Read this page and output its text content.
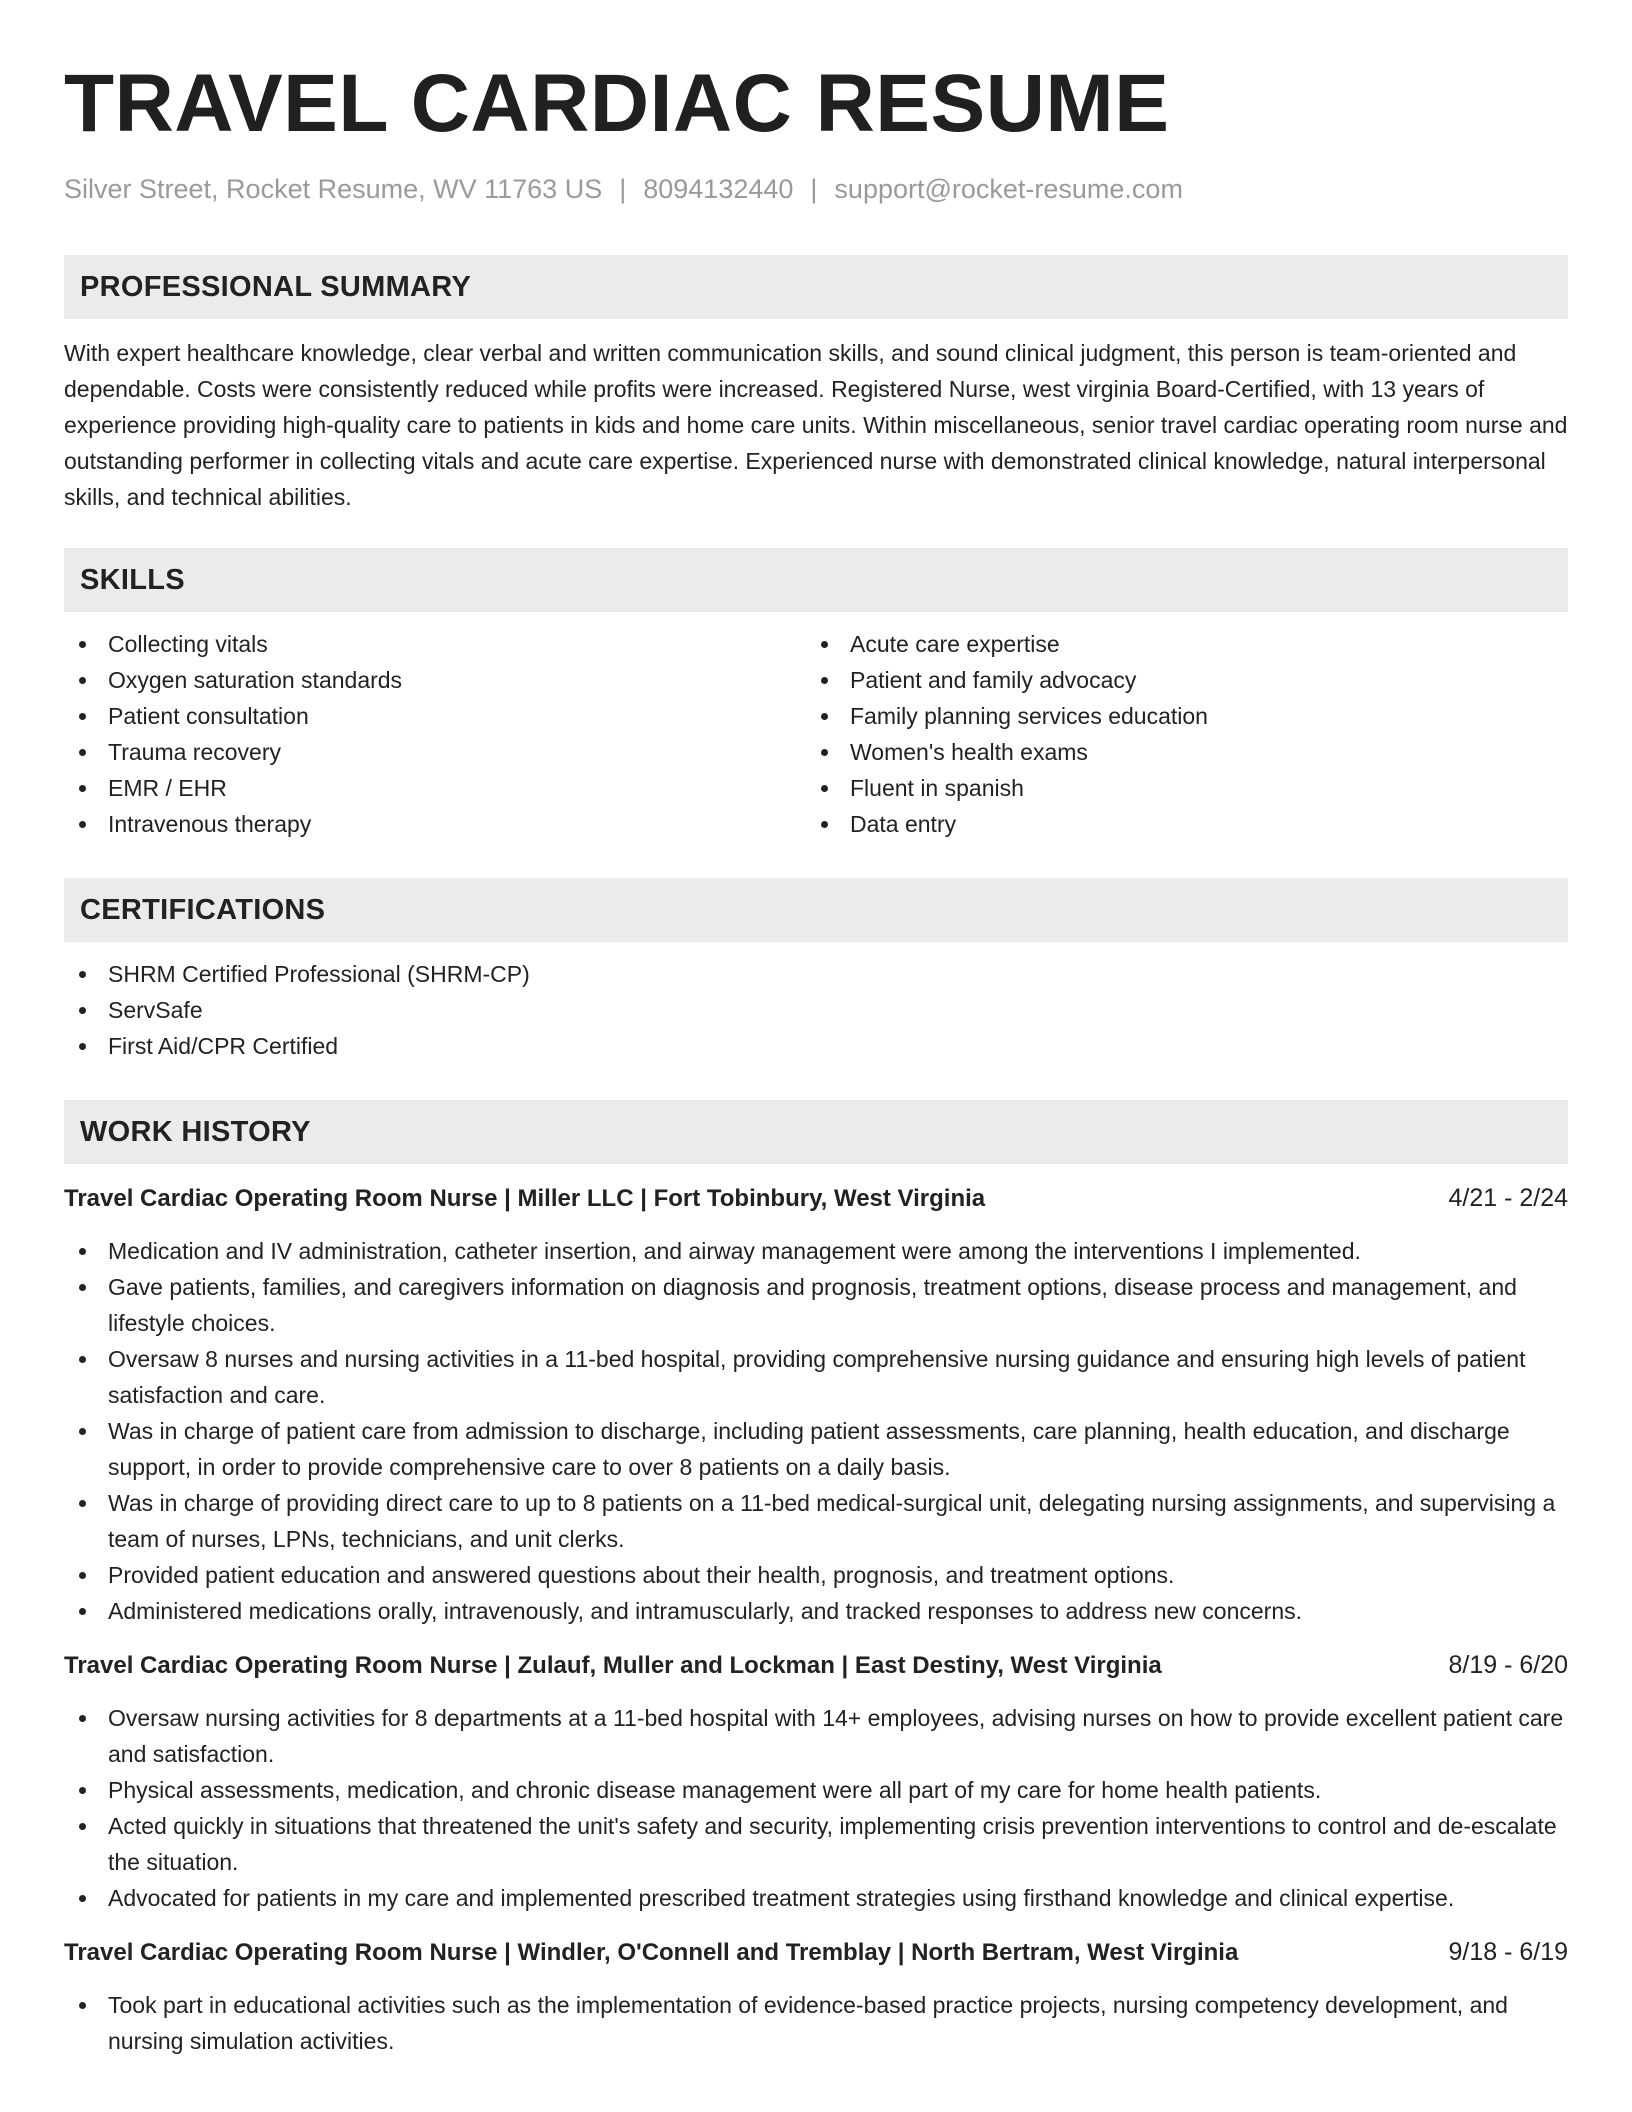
TRAVEL CARDIAC RESUME
Silver Street, Rocket Resume, WV 11763 US | 8094132440 | support@rocket-resume.com
PROFESSIONAL SUMMARY

With expert healthcare knowledge, clear verbal and written communication skills, and sound clinical judgment, this person is team-oriented and dependable. Costs were consistently reduced while profits were increased. Registered Nurse, west virginia Board-Certified, with 13 years of experience providing high-quality care to patients in kids and home care units. Within miscellaneous, senior travel cardiac operating room nurse and outstanding performer in collecting vitals and acute care expertise. Experienced nurse with demonstrated clinical knowledge, natural interpersonal skills, and technical abilities.

SKILLS
Collecting vitals
Oxygen saturation standards
Patient consultation
Trauma recovery
EMR / EHR
Intravenous therapy
Acute care expertise
Patient and family advocacy
Family planning services education
Women's health exams
Fluent in spanish
Data entry
CERTIFICATIONS
SHRM Certified Professional (SHRM-CP)
ServSafe
First Aid/CPR Certified
WORK HISTORY
Travel Cardiac Operating Room Nurse | Miller LLC | Fort Tobinbury, West Virginia	4/21 - 2/24
Medication and IV administration, catheter insertion, and airway management were among the interventions I implemented.
Gave patients, families, and caregivers information on diagnosis and prognosis, treatment options, disease process and management, and lifestyle choices.
Oversaw 8 nurses and nursing activities in a 11-bed hospital, providing comprehensive nursing guidance and ensuring high levels of patient satisfaction and care.
Was in charge of patient care from admission to discharge, including patient assessments, care planning, health education, and discharge support, in order to provide comprehensive care to over 8 patients on a daily basis.
Was in charge of providing direct care to up to 8 patients on a 11-bed medical-surgical unit, delegating nursing assignments, and supervising a team of nurses, LPNs, technicians, and unit clerks.
Provided patient education and answered questions about their health, prognosis, and treatment options.
Administered medications orally, intravenously, and intramuscularly, and tracked responses to address new concerns.
Travel Cardiac Operating Room Nurse | Zulauf, Muller and Lockman | East Destiny, West Virginia	8/19 - 6/20
Oversaw nursing activities for 8 departments at a 11-bed hospital with 14+ employees, advising nurses on how to provide excellent patient care and satisfaction.
Physical assessments, medication, and chronic disease management were all part of my care for home health patients.
Acted quickly in situations that threatened the unit's safety and security, implementing crisis prevention interventions to control and de-escalate the situation.
Advocated for patients in my care and implemented prescribed treatment strategies using firsthand knowledge and clinical expertise.
Travel Cardiac Operating Room Nurse | Windler, O'Connell and Tremblay | North Bertram, West Virginia	9/18 - 6/19
Took part in educational activities such as the implementation of evidence-based practice projects, nursing competency development, and nursing simulation activities.
